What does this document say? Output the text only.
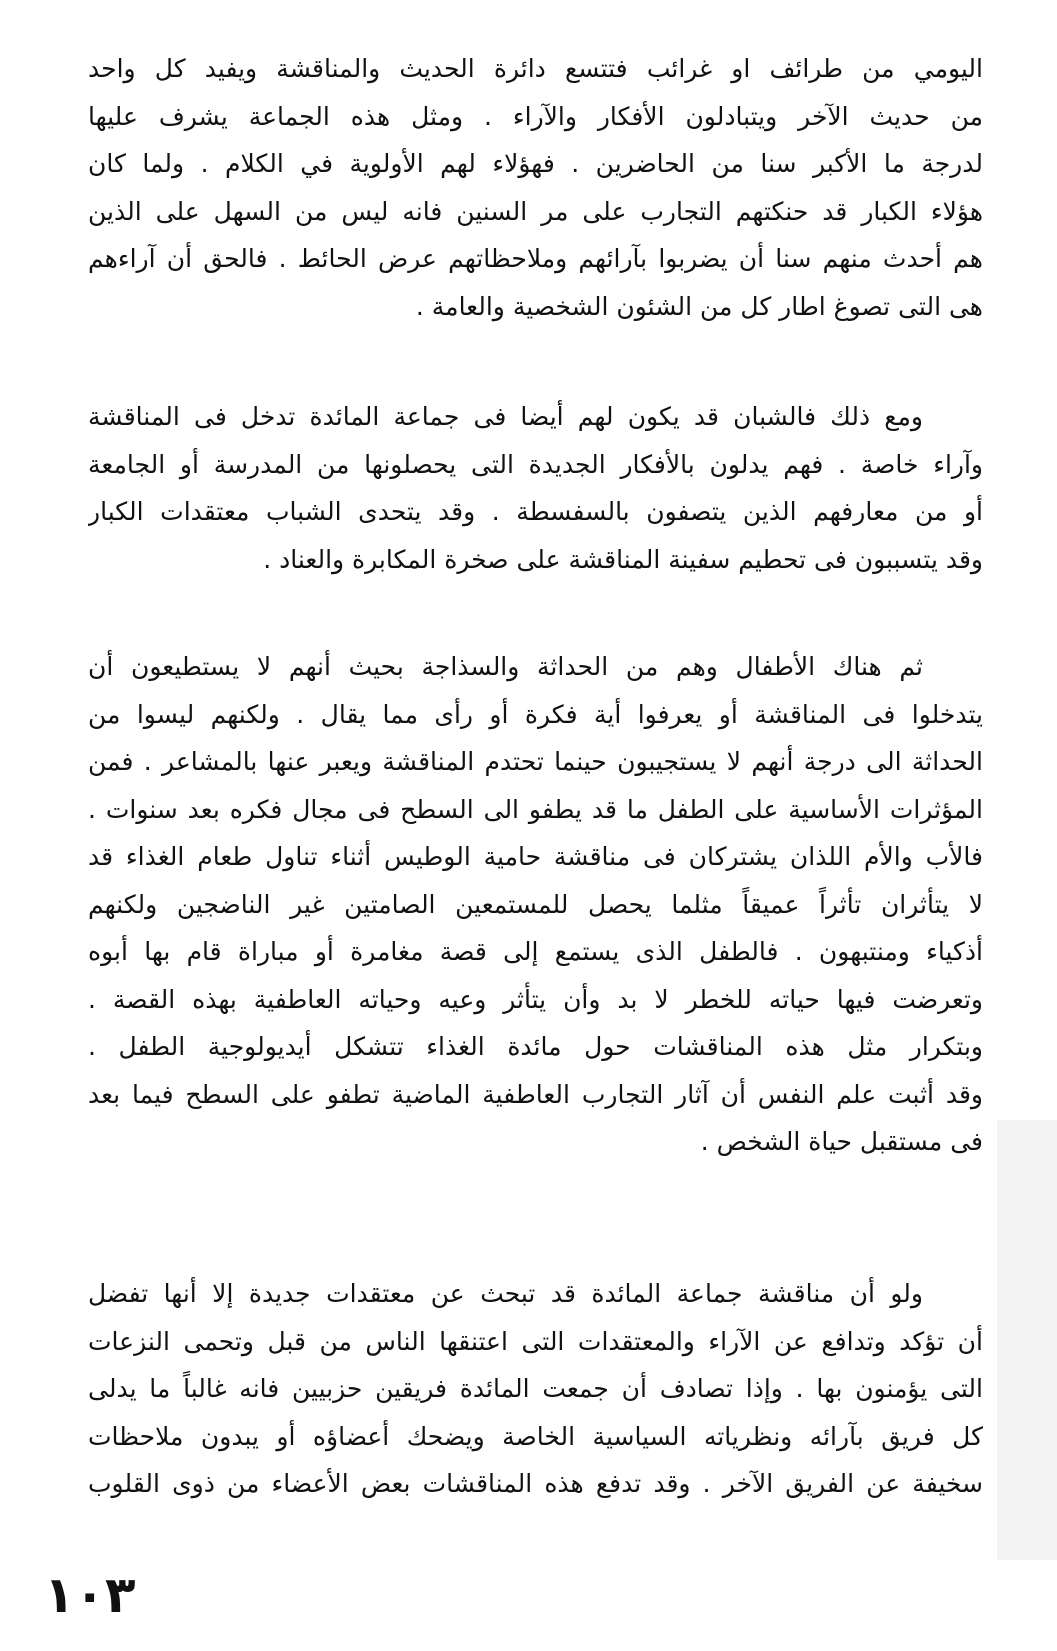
اليومي من طرائف او غرائب فتتسع دائرة الحديث والمناقشة ويفيد كل واحد
من حديث الآخر ويتبادلون الأفكار والآراء . ومثل هذه الجماعة يشرف عليها
لدرجة ما الأكبر سنا من الحاضرين . فهؤلاء لهم الأولوية في الكلام . ولما كان
هؤلاء الكبار قد حنكتهم التجارب على مر السنين فانه ليس من السهل على الذين
هم أحدث منهم سنا أن يضربوا بآرائهم وملاحظاتهم عرض الحائط . فالحق أن آراءهم
هى التى تصوغ اطار كل من الشئون الشخصية والعامة .
ومع ذلك فالشبان قد يكون لهم أيضا فى جماعة المائدة تدخل فى المناقشة
وآراء خاصة . فهم يدلون بالأفكار الجديدة التى يحصلونها من المدرسة أو الجامعة
أو من معارفهم الذين يتصفون بالسفسطة . وقد يتحدى الشباب معتقدات الكبار
وقد يتسببون فى تحطيم سفينة المناقشة على صخرة المكابرة والعناد .
ثم هناك الأطفال وهم من الحداثة والسذاجة بحيث أنهم لا يستطيعون أن
يتدخلوا فى المناقشة أو يعرفوا أية فكرة أو رأى مما يقال . ولكنهم ليسوا من
الحداثة الى درجة أنهم لا يستجيبون حينما تحتدم المناقشة ويعبر عنها بالمشاعر . فمن
المؤثرات الأساسية على الطفل ما قد يطفو الى السطح فى مجال فكره بعد سنوات .
فالأب والأم اللذان يشتركان فى مناقشة حامية الوطيس أثناء تناول طعام الغذاء قد
لا يتأثران تأثراً عميقاً مثلما يحصل للمستمعين الصامتين غير الناضجين ولكنهم
أذكياء ومنتبهون . فالطفل الذى يستمع إلى قصة مغامرة أو مباراة قام بها أبوه
وتعرضت فيها حياته للخطر لا بد وأن يتأثر وعيه وحياته العاطفية بهذه القصة .
وبتكرار مثل هذه المناقشات حول مائدة الغذاء تتشكل أيديولوجية الطفل .
وقد أثبت علم النفس أن آثار التجارب العاطفية الماضية تطفو على السطح فيما بعد
فى مستقبل حياة الشخص .
ولو أن مناقشة جماعة المائدة قد تبحث عن معتقدات جديدة إلا أنها تفضل
أن تؤكد وتدافع عن الآراء والمعتقدات التى اعتنقها الناس من قبل وتحمى النزعات
التى يؤمنون بها . وإذا تصادف أن جمعت المائدة فريقين حزبيين فانه غالباً ما يدلى
كل فريق بآرائه ونظرياته السياسية الخاصة ويضحك أعضاؤه أو يبدون ملاحظات
سخيفة عن الفريق الآخر . وقد تدفع هذه المناقشات بعض الأعضاء من ذوى القلوب
١٠٣
